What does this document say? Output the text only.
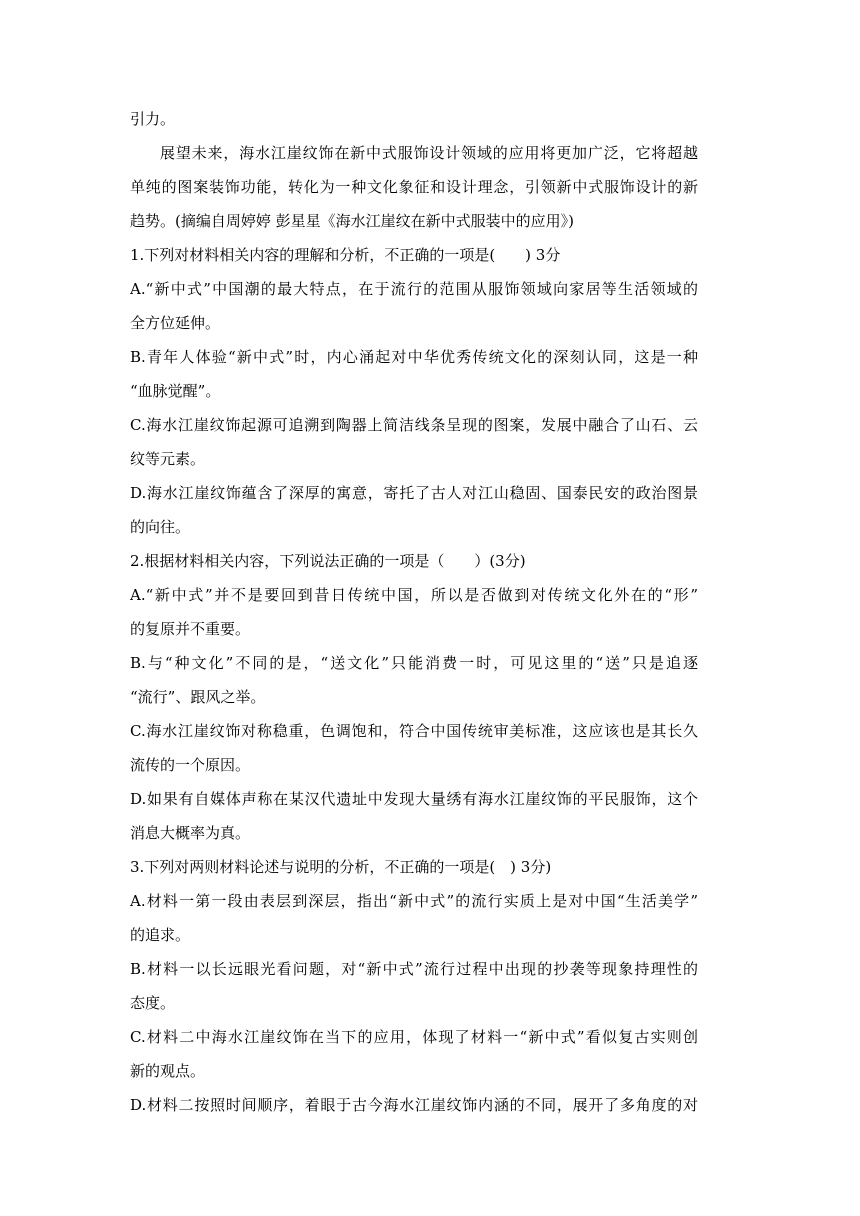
引力。
展望未来，海水江崖纹饰在新中式服饰设计领域的应用将更加广泛，它将超越
单纯的图案装饰功能，转化为一种文化象征和设计理念，引领新中式服饰设计的新
趋势。(摘编自周婷婷 彭星星《海水江崖纹在新中式服装中的应用》)
1.下列对材料相关内容的理解和分析，不正确的一项是(　　) 3分
A.“新中式”中国潮的最大特点，在于流行的范围从服饰领域向家居等生活领域的
全方位延伸。
B.青年人体验“新中式”时，内心涌起对中华优秀传统文化的深刻认同，这是一种
“血脉觉醒”。
C.海水江崖纹饰起源可追溯到陶器上简洁线条呈现的图案，发展中融合了山石、云
纹等元素。
D.海水江崖纹饰蕴含了深厚的寓意，寄托了古人对江山稳固、国泰民安的政治图景
的向往。
2.根据材料相关内容，下列说法正确的一项是（　　）(3分)
A.“新中式”并不是要回到昔日传统中国，所以是否做到对传统文化外在的“形”
的复原并不重要。
B.与“种文化”不同的是，“送文化”只能消费一时，可见这里的“送”只是追逐
“流行”、跟风之举。
C.海水江崖纹饰对称稳重，色调饱和，符合中国传统审美标准，这应该也是其长久
流传的一个原因。
D.如果有自媒体声称在某汉代遗址中发现大量绣有海水江崖纹饰的平民服饰，这个
消息大概率为真。
3.下列对两则材料论述与说明的分析，不正确的一项是(　) 3分)
A.材料一第一段由表层到深层，指出“新中式”的流行实质上是对中国“生活美学”
的追求。
B.材料一以长远眼光看问题，对“新中式”流行过程中出现的抄袭等现象持理性的
态度。
C.材料二中海水江崖纹饰在当下的应用，体现了材料一“新中式”看似复古实则创
新的观点。
D.材料二按照时间顺序，着眼于古今海水江崖纹饰内涵的不同，展开了多角度的对
